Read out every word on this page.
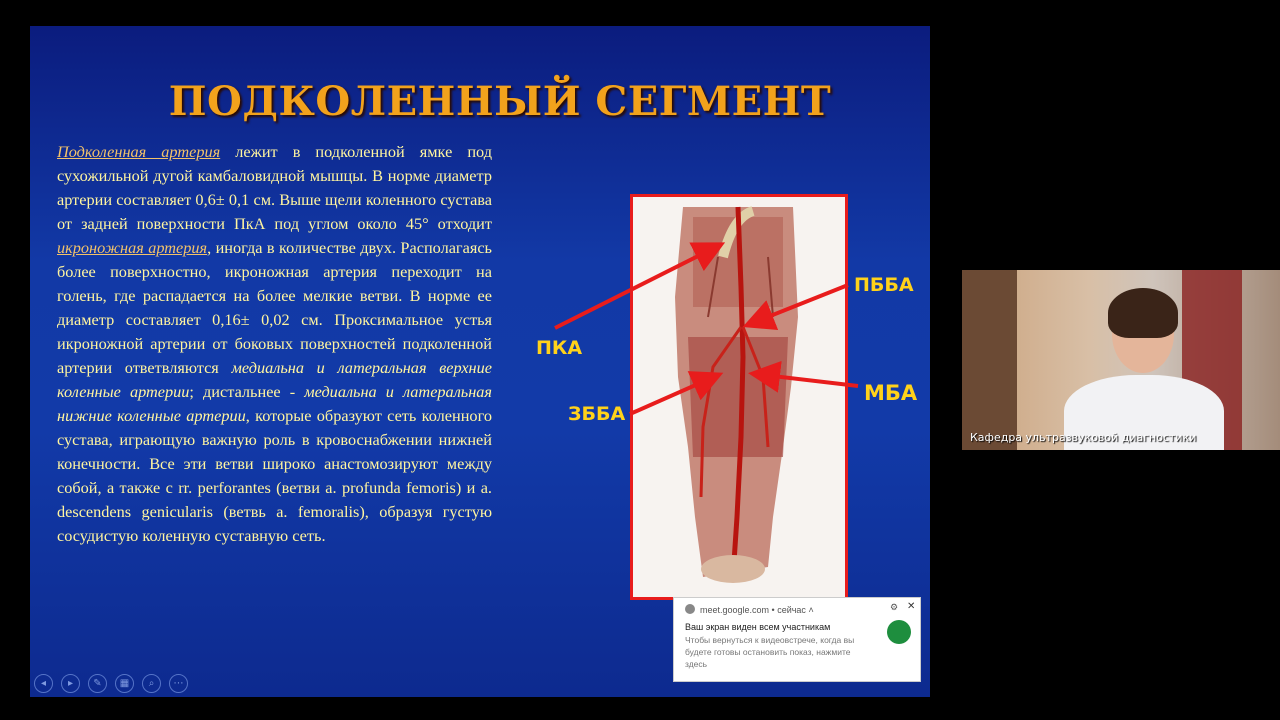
ПОДКОЛЕННЫЙ СЕГМЕНТ
Подколенная артерия лежит в подколенной ямке под сухожильной дугой камбаловидной мышцы. В норме диаметр артерии составляет 0,6± 0,1 см. Выше щели коленного сустава от задней поверхности ПкА под углом около 45° отходит икроножная артерия, иногда в количестве двух. Располагаясь более поверхностно, икроножная артерия переходит на голень, где распадается на более мелкие ветви. В норме ее диаметр составляет 0,16± 0,02 см. Проксимальное устья икроножной артерии от боковых поверхностей подколенной артерии ответвляются медиальна и латеральная верхние коленные артерии; дистальнее - медиальна и латеральная нижние коленные артерии, которые образуют сеть коленного сустава, играющую важную роль в кровоснабжении нижней конечности. Все эти ветви широко анастомозируют между собой, а также с rr. perforantes (ветви a. profunda femoris) и a. descendens genicularis (ветвь a. femoralis), образуя густую сосудистую коленную суставную сеть.
ПКА
ПББА
ЗББА
МБА
◂	▸	✎	▦	⌕	⋯
meet.google.com • сейчас ˄	⚙ ✕
Ваш экран виден всем участникам
Чтобы вернуться к видеовстрече, когда вы будете готовы остановить показ, нажмите здесь
Кафедра ультразвуковой диагностики
